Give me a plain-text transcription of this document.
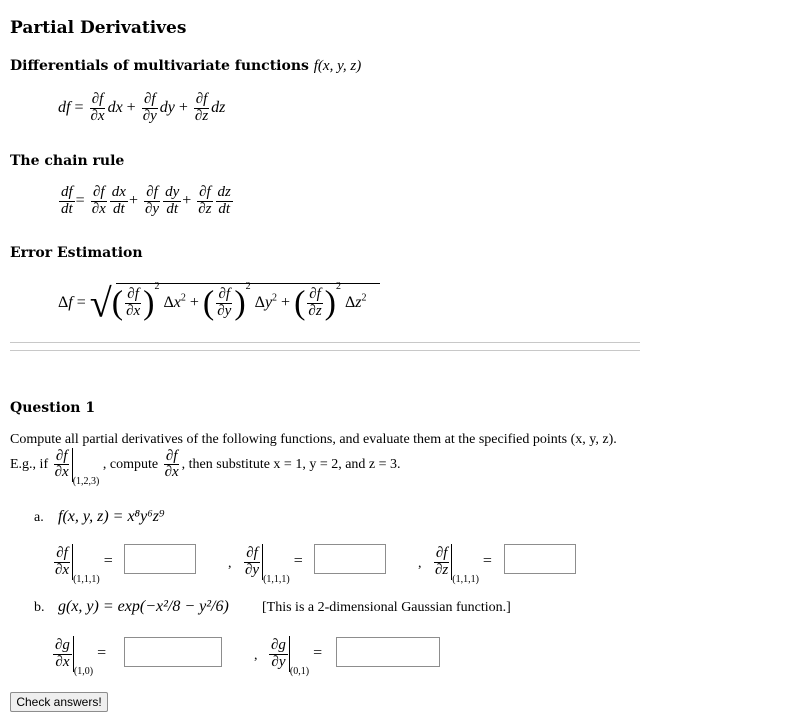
Partial Derivatives
Differentials of multivariate functions f(x, y, z)
df = $\frac{\partial f}{\partial x}$ dx + $\frac{\partial f}{\partial y}$ dy + $\frac{\partial f}{\partial z}$ dz
The chain rule
$\frac{df}{dt} = \frac{\partial f}{\partial x} \frac{dx}{dt} + \frac{\partial f}{\partial y} \frac{dy}{dt} + \frac{\partial f}{\partial z} \frac{dz}{dt}$
Error Estimation
Δf = √( $\frac{\partial f}{\partial x} )^2$ $\Delta x^2$ + ( $\frac{\partial f}{\partial y} )^2$ $\Delta y^2$ + ( $\frac{\partial f}{\partial z} )^2$ $\Delta z^2$
Question 1
Compute all partial derivatives of the following functions, and evaluate them at the specified points (x, y, z).
E.g., if $\frac{\partial f}{\partial x}$
$_{(1,2,3)}$ , compute $\frac{\partial f}{\partial x}$ , then substitute x = 1, y = 2, and z = 3.
a. f(x, y, z) = x⁸y⁶z⁹
$\frac{\partial f}{\partial x}$
$_{(1,1,1)}$ =	, $\frac{\partial f}{\partial y}$
$_{(1,1,1)}$ =	, $\frac{\partial f}{\partial z}$
$_{(1,1,1)}$ =
b. g(x, y) = exp(−x²/8 − y²/6) [This is a 2-dimensional Gaussian function.]
$\frac{\partial g}{\partial x}$
$_{(1,0)}$ =	, $\frac{\partial g}{\partial y}$
$_{(0,1)}$ =
Check answers!
